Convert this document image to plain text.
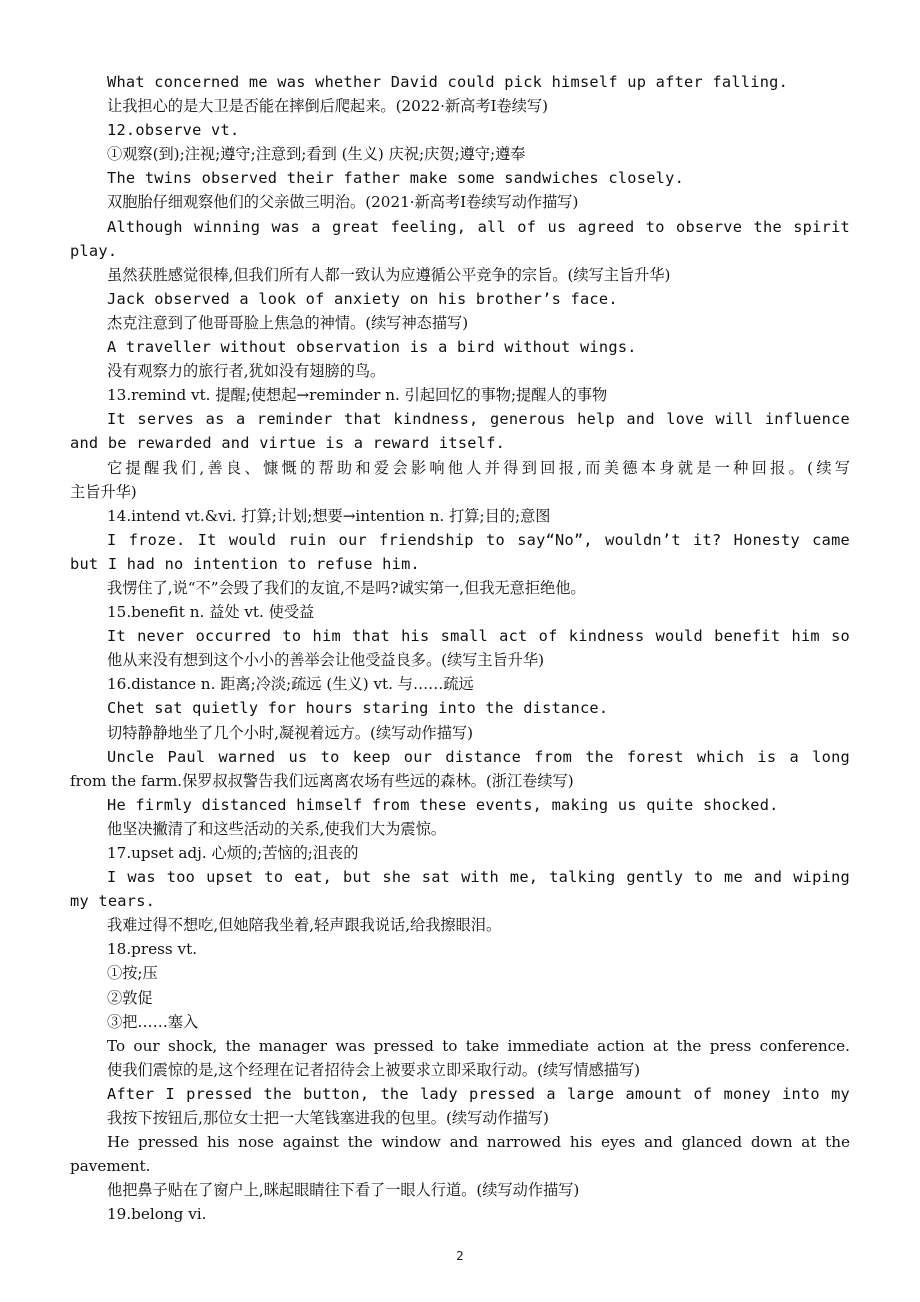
What concerned me was whether David could pick himself up after falling.
让我担心的是大卫是否能在摔倒后爬起来。(2022·新高考Ⅰ卷续写)
12.observe vt.
①观察(到);注视;遵守;注意到;看到 (生义) 庆祝;庆贺;遵守;遵奉
The twins observed their father make some sandwiches closely.
双胞胎仔细观察他们的父亲做三明治。(2021·新高考Ⅰ卷续写动作描写)
Although winning was a great feeling, all of us agreed to observe the spirit
play.
虽然获胜感觉很棒,但我们所有人都一致认为应遵循公平竞争的宗旨。(续写主旨升华)
Jack observed a look of anxiety on his brother’s face.
杰克注意到了他哥哥脸上焦急的神情。(续写神态描写)
A traveller without observation is a bird without wings.
没有观察力的旅行者,犹如没有翅膀的鸟。
13.remind vt. 提醒;使想起→reminder n. 引起回忆的事物;提醒人的事物
It serves as a reminder that kindness, generous help and love will influence
and be rewarded and virtue is a reward itself.
它提醒我们,善良、慷慨的帮助和爱会影响他人并得到回报,而美德本身就是一种回报。(续写
主旨升华)
14.intend vt.&vi. 打算;计划;想要→intention n. 打算;目的;意图
I froze. It would ruin our friendship to say“No”, wouldn’t it? Honesty came
but I had no intention to refuse him.
我愣住了,说“不”会毁了我们的友谊,不是吗?诚实第一,但我无意拒绝他。
15.benefit n. 益处 vt. 使受益
It never occurred to him that his small act of kindness would benefit him so
他从来没有想到这个小小的善举会让他受益良多。(续写主旨升华)
16.distance n. 距离;冷淡;疏远 (生义) vt. 与……疏远
Chet sat quietly for hours staring into the distance.
切特静静地坐了几个小时,凝视着远方。(续写动作描写)
Uncle Paul warned us to keep our distance from the forest which is a long
from the farm.保罗叔叔警告我们远离离农场有些远的森林。(浙江卷续写)
He firmly distanced himself from these events, making us quite shocked.
他坚决撇清了和这些活动的关系,使我们大为震惊。
17.upset adj. 心烦的;苦恼的;沮丧的
I was too upset to eat, but she sat with me, talking gently to me and wiping
my tears.
我难过得不想吃,但她陪我坐着,轻声跟我说话,给我擦眼泪。
18.press vt.
①按;压
②敦促
③把……塞入
To our shock, the manager was pressed to take immediate action at the press conference.
使我们震惊的是,这个经理在记者招待会上被要求立即采取行动。(续写情感描写)
After I pressed the button, the lady pressed a large amount of money into my
我按下按钮后,那位女士把一大笔钱塞进我的包里。(续写动作描写)
He pressed his nose against the window and narrowed his eyes and glanced down at the
pavement.
他把鼻子贴在了窗户上,眯起眼睛往下看了一眼人行道。(续写动作描写)
19.belong vi.
2
